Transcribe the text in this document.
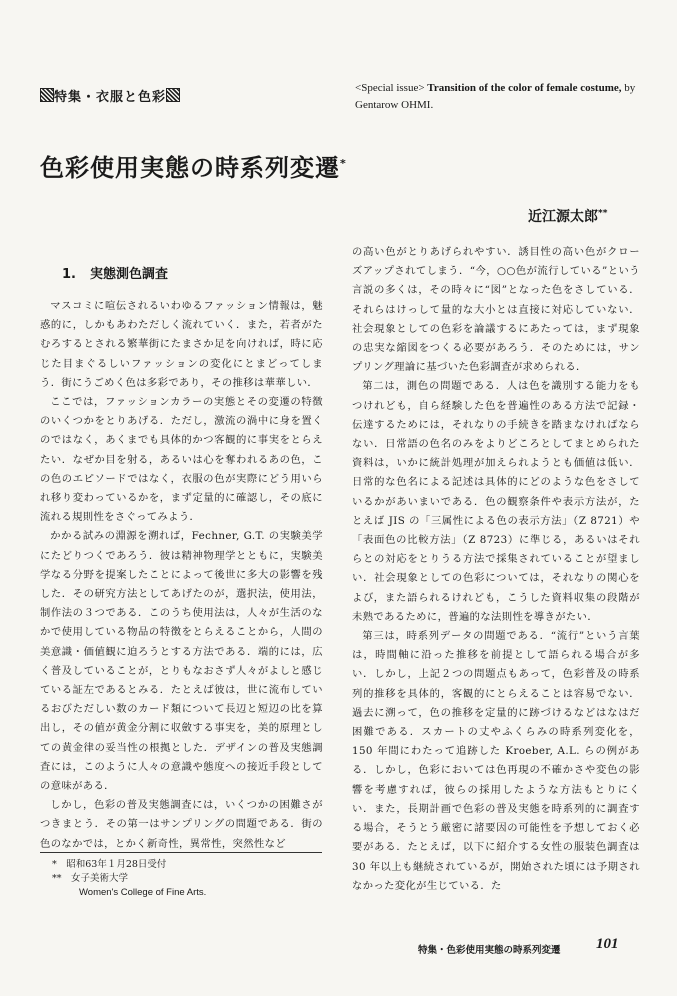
特集・衣服と色彩
<Special issue> Transition of the color of female costume, by Gentarow OHMI.
色彩使用実態の時系列変遷*
近江源太郎**
1. 実態測色調査

マスコミに喧伝されるいわゆるファッション情報は，魅惑的に，しかもあわただしく流れていく．また，若者がたむろするとされる繁華街にたまさか足を向ければ，時に応じた目まぐるしいファッションの変化にとまどってしまう．街にうごめく色は多彩であり，その推移は華華しい．

ここでは，ファッションカラーの実態とその変遷の特徴のいくつかをとりあげる．ただし，激流の渦中に身を置くのではなく，あくまでも具体的かつ客観的に事実をとらえたい．なぜか目を射る，あるいは心を奪われるあの色，この色のエピソードではなく，衣服の色が実際にどう用いられ移り変わっているかを，まず定量的に確認し，その底に流れる規則性をさぐってみよう．

かかる試みの淵源を溯れば，Fechner, G.T. の実験美学にたどりつくであろう．彼は精神物理学とともに，実験美学なる分野を提案したことによって後世に多大の影響を残した．その研究方法としてあげたのが，選択法，使用法，制作法の３つである．このうち使用法は，人々が生活のなかで使用している物品の特徴をとらえることから，人間の美意識・価値観に迫ろうとする方法である．端的には，広く普及していることが，とりもなおさず人々がよしと感じている証左であるとみる．たとえば彼は，世に流布しているおびただしい数のカード類について長辺と短辺の比を算出し，その値が黄金分割に収斂する事実を，美的原理としての黄金律の妥当性の根拠とした．デザインの普及実態調査には，このように人々の意識や態度への接近手段としての意味がある．

しかし，色彩の普及実態調査には，いくつかの困難さがつきまとう．その第一はサンプリングの問題である．街の色のなかでは，とかく新奇性，異常性，突然性など

の高い色がとりあげられやすい．誘目性の高い色がクローズアップされてしまう．“今，○○色が流行している”という言説の多くは，その時々に“図”となった色をさしている．それらはけっして量的な大小とは直接に対応していない．社会現象としての色彩を論議するにあたっては，まず現象の忠実な縮図をつくる必要があろう．そのためには，サンプリング理論に基づいた色彩調査が求められる．

第二は，測色の問題である．人は色を識別する能力をもつけれども，自ら経験した色を普遍性のある方法で記録・伝達するためには，それなりの手続きを踏まなければならない．日常語の色名のみをよりどころとしてまとめられた資料は，いかに統計処理が加えられようとも価値は低い．日常的な色名による記述は具体的にどのような色をさしているかがあいまいである．色の観察条件や表示方法が，たとえば JIS の「三属性による色の表示方法」（Z 8721）や「表面色の比較方法」（Z 8723）に準じる，あるいはそれらとの対応をとりうる方法で採集されていることが望ましい．社会現象としての色彩については，それなりの関心をよび，また語られるけれども，こうした資料収集の段階が未熟であるために，普遍的な法則性を導きがたい．

第三は，時系列データの問題である．“流行”という言葉は，時間軸に沿った推移を前提として語られる場合が多い．しかし，上記２つの問題点もあって，色彩普及の時系列的推移を具体的，客観的にとらえることは容易でない．過去に溯って，色の推移を定量的に跡づけるなどはなはだ困難である．スカートの丈やふくらみの時系列変化を，150 年間にわたって追跡した Kroeber, A.L. らの例がある．しかし，色彩においては色再現の不確かさや変色の影響を考慮すれば，彼らの採用したような方法もとりにくい．また，長期計画で色彩の普及実態を時系列的に調査する場合，そうとう厳密に諸要因の可能性を予想しておく必要がある．たとえば，以下に紹介する女性の服装色調査は 30 年以上も継続されているが，開始された頃には予期されなかった変化が生じている．た

*　昭和63年１月28日受付
**　女子美術大学
Women's College of Fine Arts.
特集・色彩使用実態の時系列変遷 101
